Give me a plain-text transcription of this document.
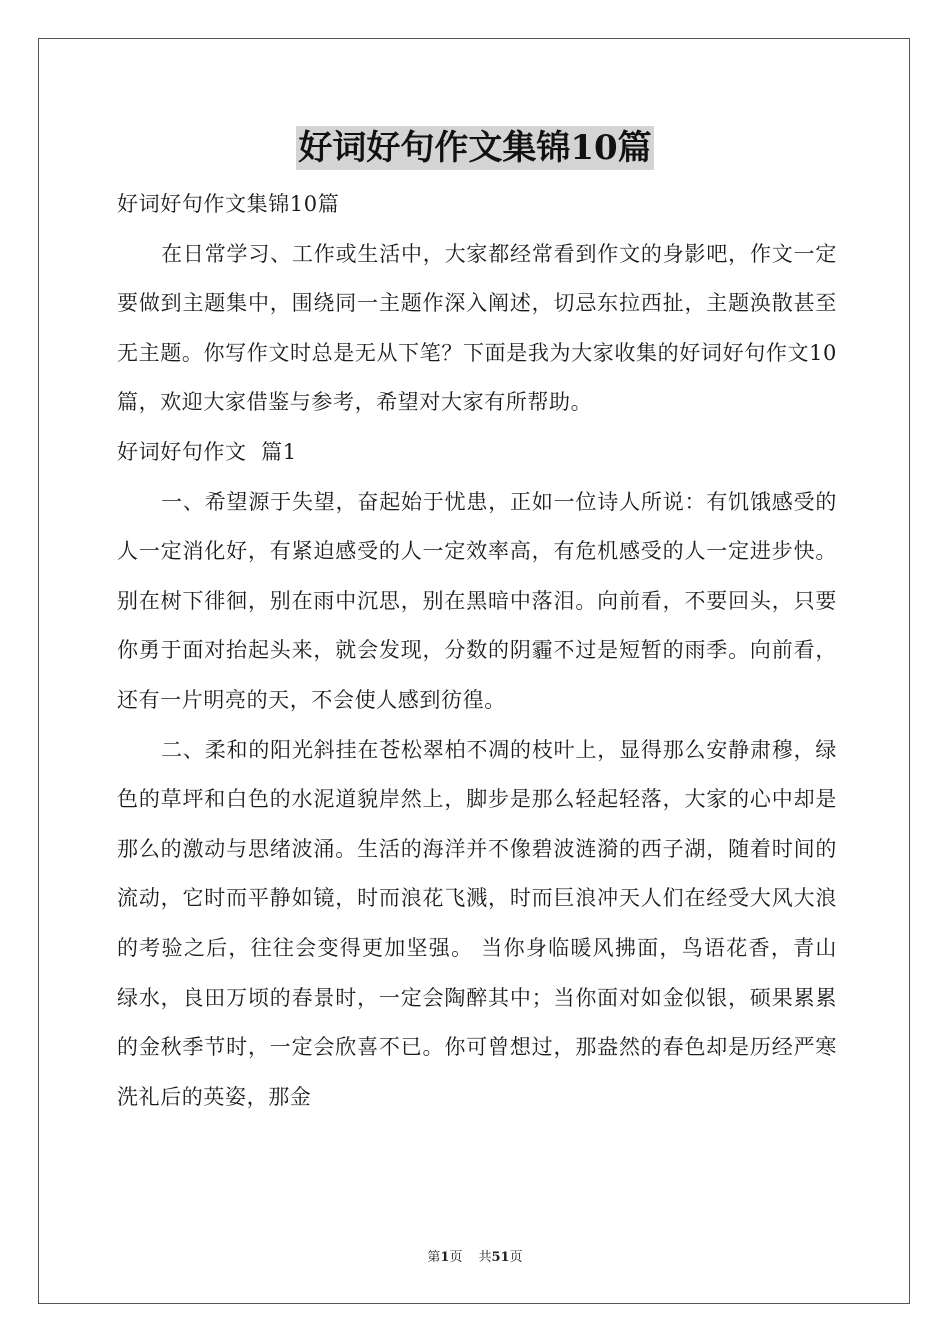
好词好句作文集锦10篇

好词好句作文集锦10篇

在日常学习、工作或生活中，大家都经常看到作文的身影吧，作文一定要做到主题集中，围绕同一主题作深入阐述，切忌东拉西扯，主题涣散甚至无主题。你写作文时总是无从下笔？下面是我为大家收集的好词好句作文10篇，欢迎大家借鉴与参考，希望对大家有所帮助。

好词好句作文  篇1

一、希望源于失望，奋起始于忧患，正如一位诗人所说：有饥饿感受的人一定消化好，有紧迫感受的人一定效率高，有危机感受的人一定进步快。 别在树下徘徊，别在雨中沉思，别在黑暗中落泪。向前看，不要回头，只要你勇于面对抬起头来，就会发现，分数的阴霾不过是短暂的雨季。向前看，还有一片明亮的天，不会使人感到彷徨。

二、柔和的阳光斜挂在苍松翠柏不凋的枝叶上，显得那么安静肃穆，绿色的草坪和白色的水泥道貌岸然上，脚步是那么轻起轻落，大家的心中却是那么的激动与思绪波涌。生活的海洋并不像碧波涟漪的西子湖，随着时间的流动，它时而平静如镜，时而浪花飞溅，时而巨浪冲天人们在经受大风大浪的考验之后，往往会变得更加坚强。 当你身临暖风拂面，鸟语花香，青山绿水，良田万顷的春景时，一定会陶醉其中；当你面对如金似银，硕果累累的金秋季节时，一定会欣喜不已。你可曾想过，那盎然的春色却是历经严寒洗礼后的英姿，那金

第1页 共51页
